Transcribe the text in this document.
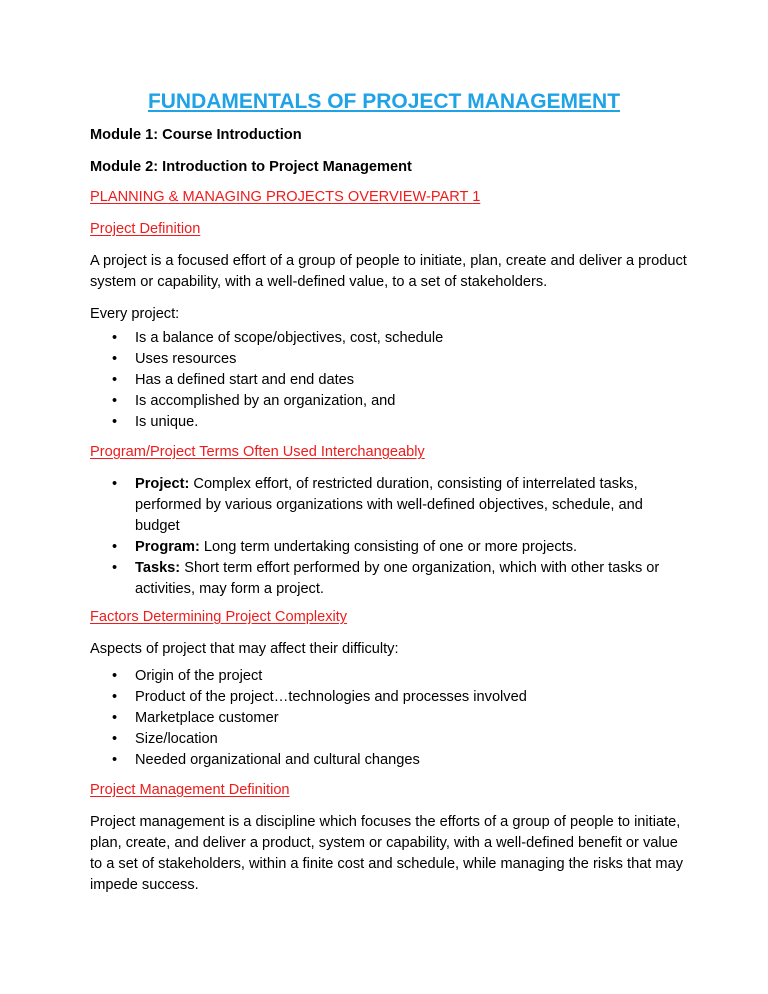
FUNDAMENTALS OF PROJECT MANAGEMENT
Module 1: Course Introduction
Module 2: Introduction to Project Management
PLANNING & MANAGING PROJECTS OVERVIEW-PART 1
Project Definition
A project is a focused effort of a group of people to initiate, plan, create and deliver a product system or capability, with a well-defined value, to a set of stakeholders.
Every project:
• Is a balance of scope/objectives, cost, schedule
• Uses resources
• Has a defined start and end dates
• Is accomplished by an organization, and
• Is unique.
Program/Project Terms Often Used Interchangeably
• Project: Complex effort, of restricted duration, consisting of interrelated tasks, performed by various organizations with well-defined objectives, schedule, and budget
• Program: Long term undertaking consisting of one or more projects.
• Tasks: Short term effort performed by one organization, which with other tasks or activities, may form a project.
Factors Determining Project Complexity
Aspects of project that may affect their difficulty:
• Origin of the project
• Product of the project…technologies and processes involved
• Marketplace customer
• Size/location
• Needed organizational and cultural changes
Project Management Definition
Project management is a discipline which focuses the efforts of a group of people to initiate, plan, create, and deliver a product, system or capability, with a well-defined benefit or value to a set of stakeholders, within a finite cost and schedule, while managing the risks that may impede success.
